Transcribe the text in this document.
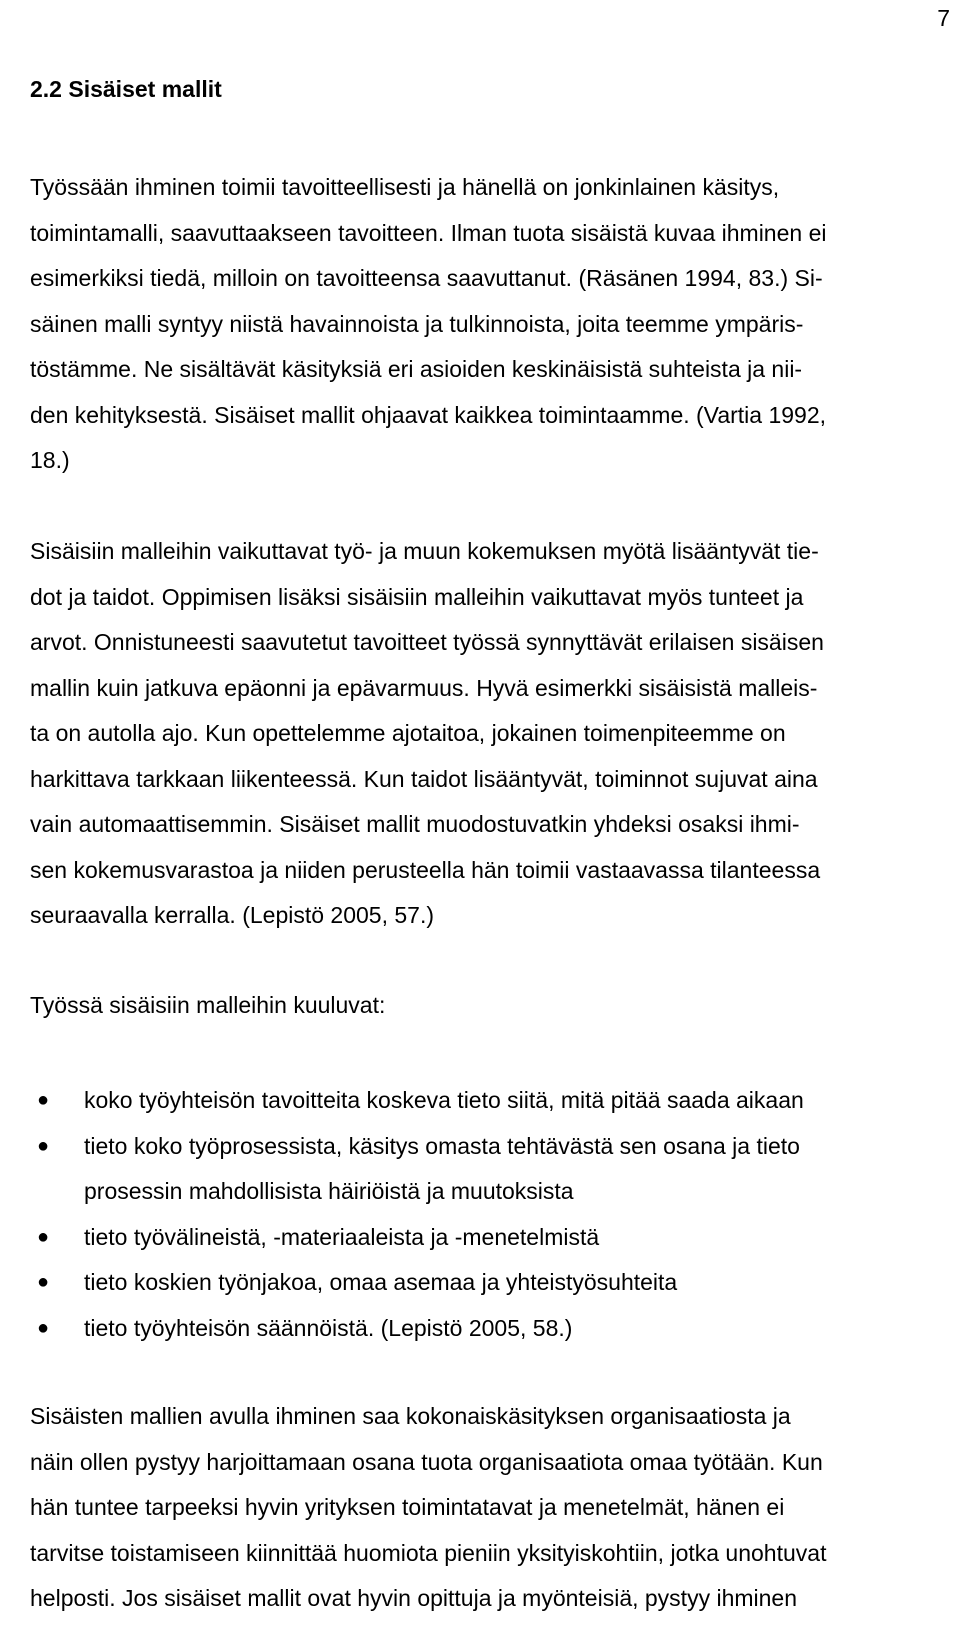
7
2.2 Sisäiset mallit

Työssään ihminen toimii tavoitteellisesti ja hänellä on jonkinlainen käsitys,
toimintamalli, saavuttaakseen tavoitteen. Ilman tuota sisäistä kuvaa ihminen ei
esimerkiksi tiedä, milloin on tavoitteensa saavuttanut. (Räsänen 1994, 83.) Si-
säinen malli syntyy niistä havainnoista ja tulkinnoista, joita teemme ympäris-
töstämme. Ne sisältävät käsityksiä eri asioiden keskinäisistä suhteista ja nii-
den kehityksestä. Sisäiset mallit ohjaavat kaikkea toimintaamme. (Vartia 1992,
18.)

Sisäisiin malleihin vaikuttavat työ- ja muun kokemuksen myötä lisääntyvät tie-
dot ja taidot. Oppimisen lisäksi sisäisiin malleihin vaikuttavat myös tunteet ja
arvot. Onnistuneesti saavutetut tavoitteet työssä synnyttävät erilaisen sisäisen
mallin kuin jatkuva epäonni ja epävarmuus. Hyvä esimerkki sisäisistä malleis-
ta on autolla ajo. Kun opettelemme ajotaitoa, jokainen toimenpiteemme on
harkittava tarkkaan liikenteessä. Kun taidot lisääntyvät, toiminnot sujuvat aina
vain automaattisemmin. Sisäiset mallit muodostuvatkin yhdeksi osaksi ihmi-
sen kokemusvarastoa ja niiden perusteella hän toimii vastaavassa tilanteessa
seuraavalla kerralla. (Lepistö 2005, 57.)

Työssä sisäisiin malleihin kuuluvat:

● koko työyhteisön tavoitteita koskeva tieto siitä, mitä pitää saada aikaan
● tieto koko työprosessista, käsitys omasta tehtävästä sen osana ja tieto
prosessin mahdollisista häiriöistä ja muutoksista
● tieto työvälineistä, -materiaaleista ja -menetelmistä
● tieto koskien työnjakoa, omaa asemaa ja yhteistyösuhteita
● tieto työyhteisön säännöistä. (Lepistö 2005, 58.)

Sisäisten mallien avulla ihminen saa kokonaiskäsityksen organisaatiosta ja
näin ollen pystyy harjoittamaan osana tuota organisaatiota omaa työtään. Kun
hän tuntee tarpeeksi hyvin yrityksen toimintatavat ja menetelmät, hänen ei
tarvitse toistamiseen kiinnittää huomiota pieniin yksityiskohtiin, jotka unohtuvat
helposti. Jos sisäiset mallit ovat hyvin opittuja ja myönteisiä, pystyy ihminen
